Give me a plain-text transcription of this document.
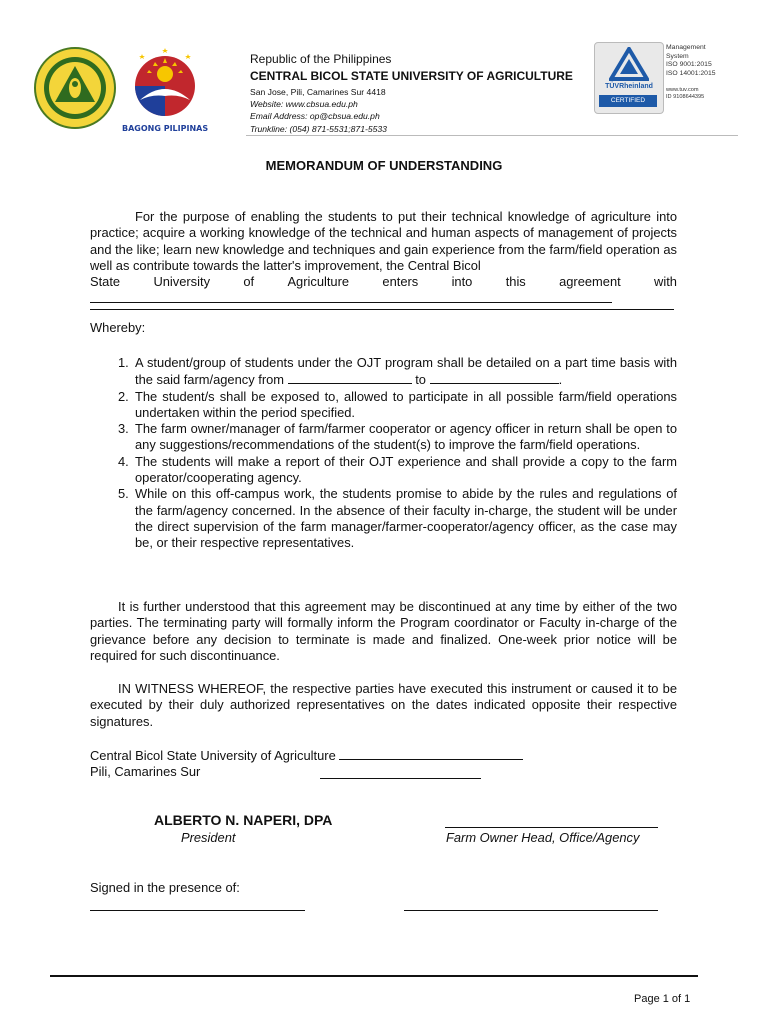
BAGONG PILIPINAS
Republic of the Philippines
CENTRAL BICOL STATE UNIVERSITY OF AGRICULTURE
San Jose, Pili, Camarines Sur 4418
Website: www.cbsua.edu.ph
Email Address: op@cbsua.edu.ph
Trunkline: (054) 871-5531;871-5533
TÜVRheinland
CERTIFIED
Management System
ISO 9001:2015
ISO 14001:2015
www.tuv.com
ID 9108644395
MEMORANDUM OF UNDERSTANDING
For the purpose of enabling the students to put their technical knowledge of agriculture into practice; acquire a working knowledge of the technical and human aspects of management of projects and the like; learn new knowledge and techniques and gain experience from the farm/field operation as well as contribute towards the latter's improvement, the Central Bicol
State	University	of	Agriculture	enters	into	this	agreement	with
Whereby:
1. A student/group of students under the OJT program shall be detailed on a part time basis with the said farm/agency from	to	.
2. The student/s shall be exposed to, allowed to participate in all possible farm/field operations undertaken within the period specified.
3. The farm owner/manager of farm/farmer cooperator or agency officer in return shall be open to any suggestions/recommendations of the student(s) to improve the farm/field operations.
4. The students will make a report of their OJT experience and shall provide a copy to the farm operator/cooperating agency.
5. While on this off-campus work, the students promise to abide by the rules and regulations of the farm/agency concerned. In the absence of their faculty in-charge, the student will be under the direct supervision of the farm manager/farmer-cooperator/agency officer, as the case may be, or their respective representatives.
It is further understood that this agreement may be discontinued at any time by either of the two parties. The terminating party will formally inform the Program coordinator or Faculty in-charge of the grievance before any decision to terminate is made and finalized. One-week prior notice will be required for such discontinuance.
IN WITNESS WHEREOF, the respective parties have executed this instrument or caused it to be executed by their duly authorized representatives on the dates indicated opposite their respective signatures.
Central Bicol State University of Agriculture
Pili, Camarines Sur
ALBERTO N. NAPERI, DPA
President	Farm Owner Head, Office/Agency
Signed in the presence of:
Page 1 of 1
